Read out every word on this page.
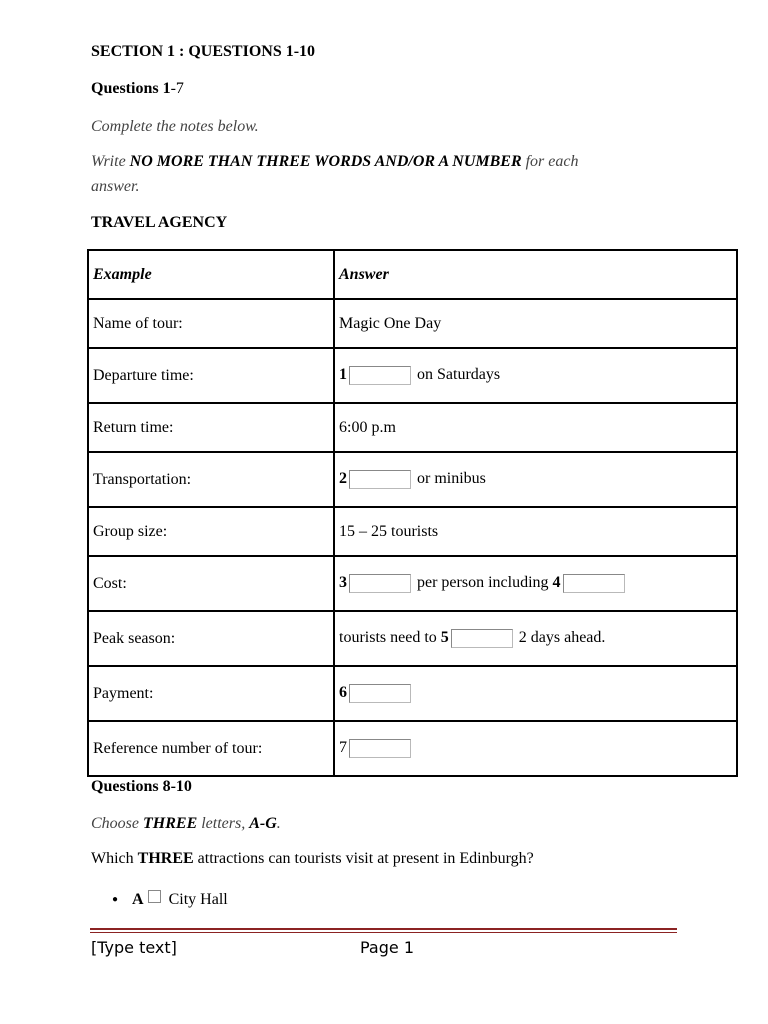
SECTION 1 : QUESTIONS 1-10
Questions 1-7
Complete the notes below.
Write NO MORE THAN THREE WORDS AND/OR A NUMBER for each
answer.
TRAVEL AGENCY
Example	Answer
Name of tour:	Magic One Day
Departure time:	1 on Saturdays
Return time:	6:00 p.m
Transportation:	2 or minibus
Group size:	15 – 25 tourists
Cost:	3 per person including 4
Peak season:	tourists need to 5 2 days ahead.
Payment:	6
Reference number of tour:	7
Questions 8-10
Choose THREE letters, A-G.
Which THREE attractions can tourists visit at present in Edinburgh?
● A City Hall
[Type text]	Page 1
